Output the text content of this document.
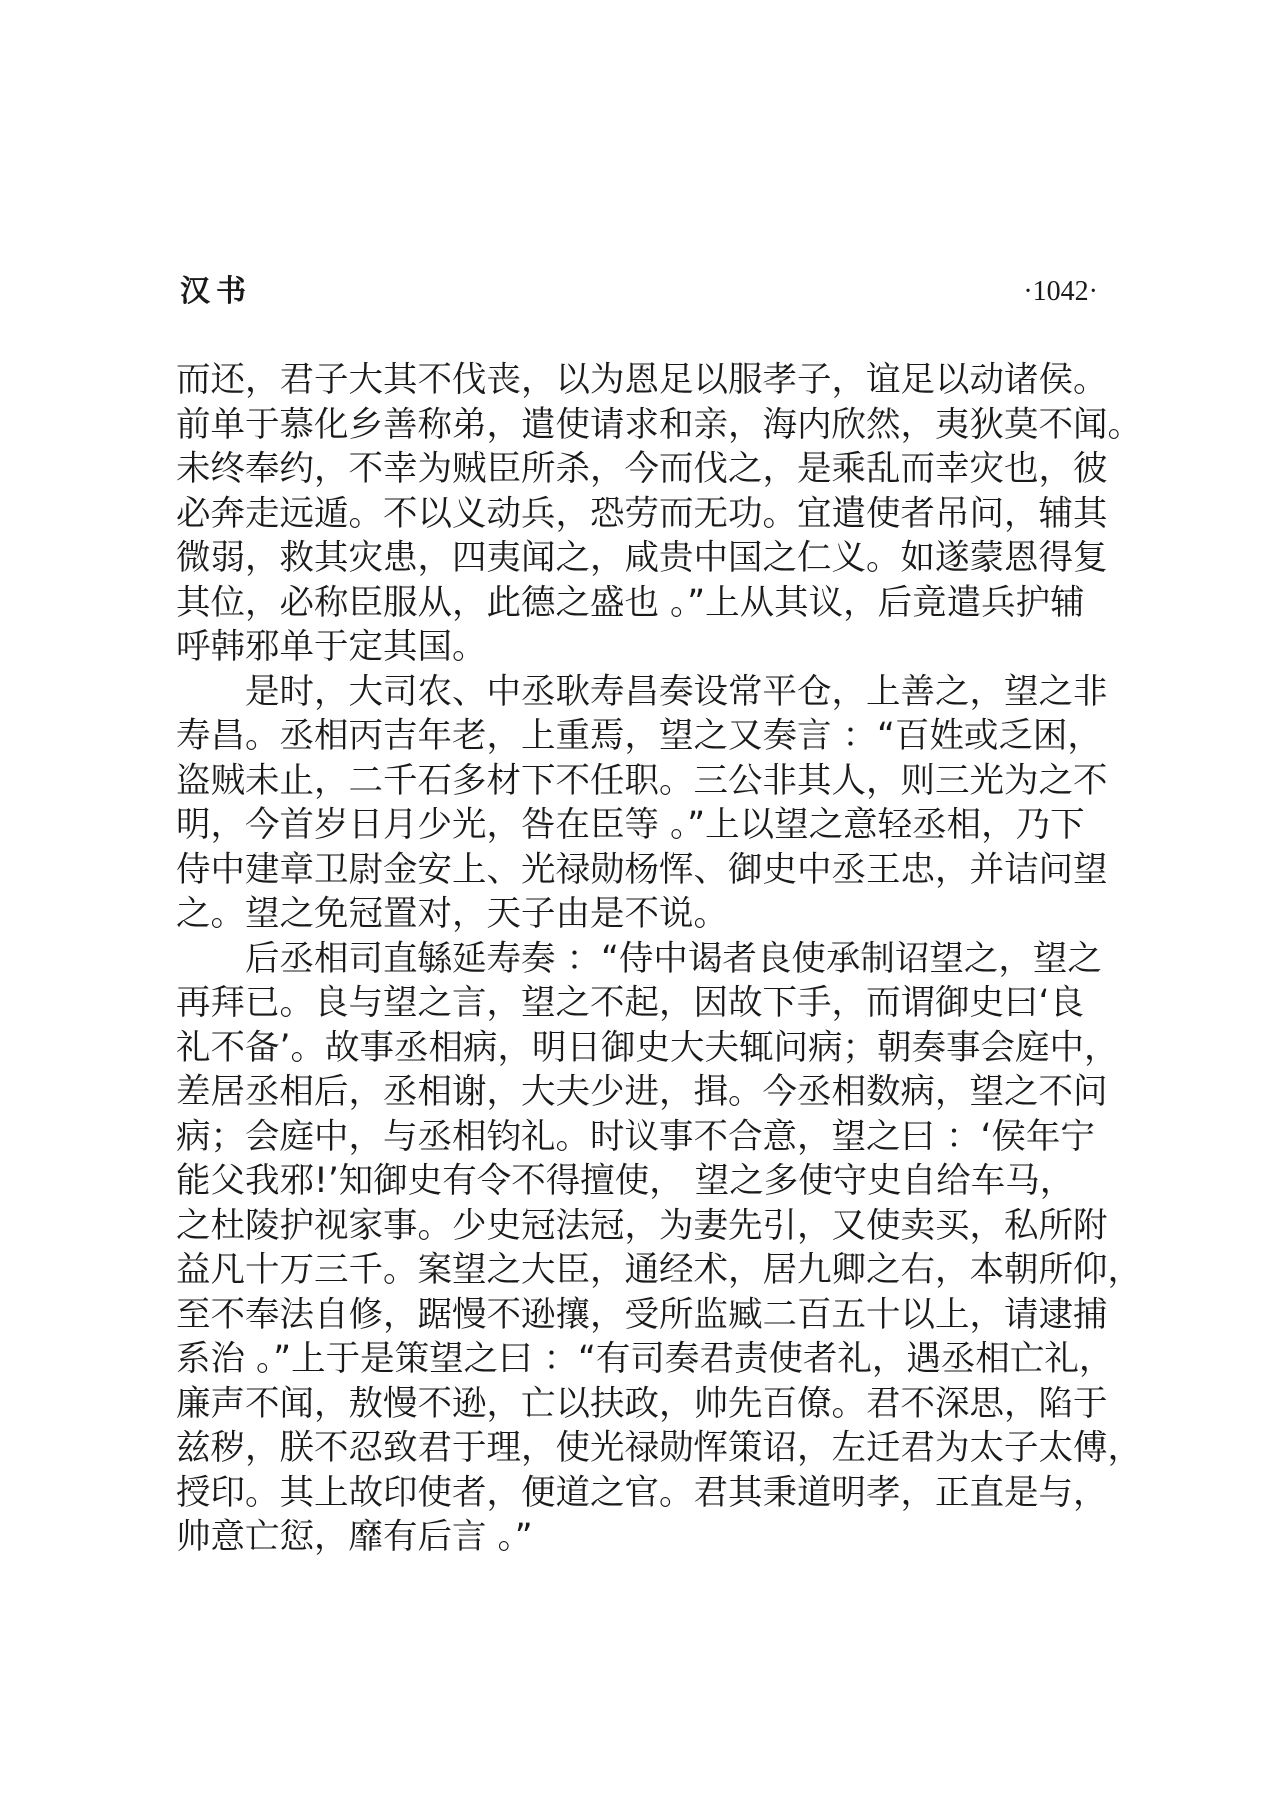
汉书	·1042·
而还，君子大其不伐丧，以为恩足以服孝子，谊足以动诸侯。
前单于慕化乡善称弟，遣使请求和亲，海内欣然，夷狄莫不闻。
未终奉约，不幸为贼臣所杀，今而伐之，是乘乱而幸灾也，彼
必奔走远遁。不以义动兵，恐劳而无功。宜遣使者吊问，辅其
微弱，救其灾患，四夷闻之，咸贵中国之仁义。如遂蒙恩得复
其位，必称臣服从，此德之盛也 。”上从其议，后竟遣兵护辅
呼韩邪单于定其国。
　　是时，大司农、中丞耿寿昌奏设常平仓，上善之，望之非
寿昌。丞相丙吉年老，上重焉，望之又奏言 ：“百姓或乏困，
盗贼未止，二千石多材下不任职。三公非其人，则三光为之不
明，今首岁日月少光，咎在臣等 。”上以望之意轻丞相，乃下
侍中建章卫尉金安上、光禄勋杨恽、御史中丞王忠，并诘问望
之。望之免冠置对，天子由是不说。
　　后丞相司直緐延寿奏 ：“侍中谒者良使承制诏望之，望之
再拜已。良与望之言，望之不起，因故下手，而谓御史曰‘良
礼不备’。故事丞相病，明日御史大夫辄问病；朝奏事会庭中，
差居丞相后，丞相谢，大夫少进，揖。今丞相数病，望之不问
病；会庭中，与丞相钧礼。时议事不合意，望之曰 ：‘侯年宁
能父我邪!’知御史有令不得擅使， 望之多使守史自给车马，
之杜陵护视家事。少史冠法冠，为妻先引，又使卖买，私所附
益凡十万三千。案望之大臣，通经术，居九卿之右，本朝所仰，
至不奉法自修，踞慢不逊攘，受所监臧二百五十以上，请逮捕
系治 。”上于是策望之曰 ：“有司奏君责使者礼，遇丞相亡礼，
廉声不闻，敖慢不逊，亡以扶政，帅先百僚。君不深思，陷于
兹秽，朕不忍致君于理，使光禄勋恽策诏，左迁君为太子太傅，
授印。其上故印使者，便道之官。君其秉道明孝，正直是与，
帅意亡愆，靡有后言 。”
